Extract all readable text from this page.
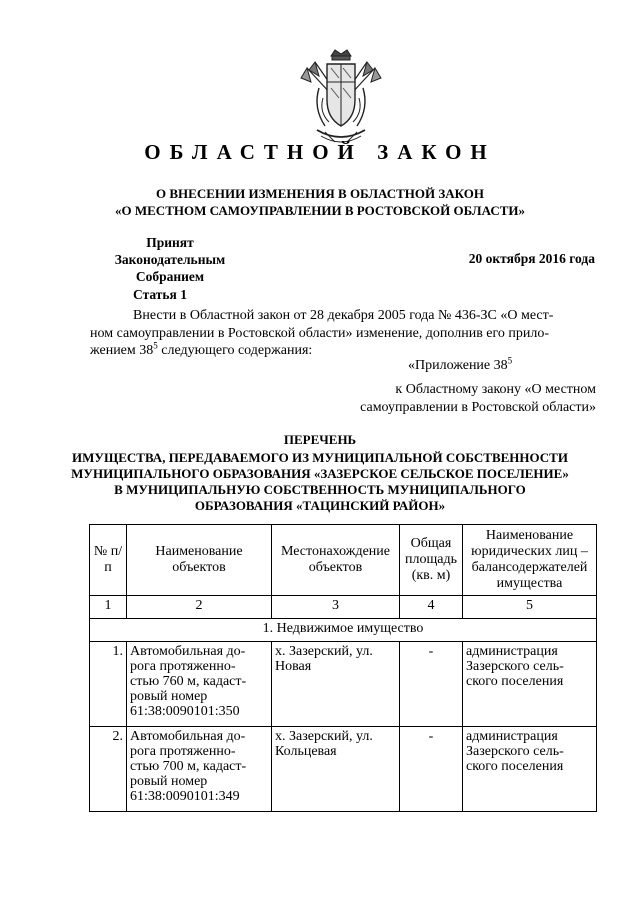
ОБЛАСТНОЙ ЗАКОН
О ВНЕСЕНИИ ИЗМЕНЕНИЯ В ОБЛАСТНОЙ ЗАКОН
«О МЕСТНОМ САМОУПРАВЛЕНИИ В РОСТОВСКОЙ ОБЛАСТИ»
Принят
Законодательным Собранием
20 октября 2016 года
Статья 1

Внести в Областной закон от 28 декабря 2005 года № 436-ЗС «О мест-

ном самоуправлении в Ростовской области» изменение, дополнив его прило-

жением $38^5$ следующего содержания:

«Приложение $38^5$
к Областному закону «О местном
самоуправлении в Ростовской области»
ПЕРЕЧЕНЬ
ИМУЩЕСТВА, ПЕРЕДАВАЕМОГО ИЗ МУНИЦИПАЛЬНОЙ СОБСТВЕННОСТИ
МУНИЦИПАЛЬНОГО ОБРАЗОВАНИЯ «ЗАЗЕРСКОЕ СЕЛЬСКОЕ ПОСЕЛЕНИЕ»
В МУНИЦИПАЛЬНУЮ СОБСТВЕННОСТЬ МУНИЦИПАЛЬНОГО
ОБРАЗОВАНИЯ «ТАЦИНСКИЙ РАЙОН»
№ п/п	Наименование объектов	Местонахождение объектов	Общая площадь (кв. м)	Наименование юридических лиц – балансодержателей имущества
1	2	3	4	5
1. Недвижимое имущество				
1.	Автомобильная до- рога протяженно- стью 760 м, кадаст- ровый номер 61:38:0090101:350	х. Зазерский, ул. Новая	-	администрация Зазерского сель- ского поселения
2.	Автомобильная до- рога протяженно- стью 700 м, кадаст- ровый номер 61:38:0090101:349	х. Зазерский, ул. Кольцевая	-	администрация Зазерского сель- ского поселения
